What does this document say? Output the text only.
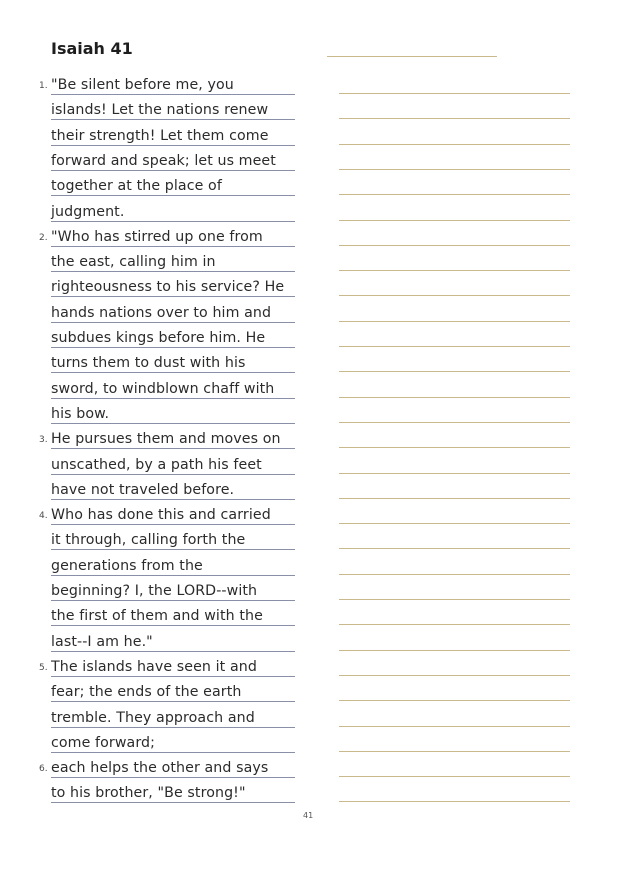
Isaiah 41
1. "Be silent before me, you
islands! Let the nations renew
their strength! Let them come
forward and speak; let us meet
together at the place of
judgment.
2. "Who has stirred up one from
the east, calling him in
righteousness to his service? He
hands nations over to him and
subdues kings before him. He
turns them to dust with his
sword, to windblown chaff with
his bow.
3. He pursues them and moves on
unscathed, by a path his feet
have not traveled before.
4. Who has done this and carried
it through, calling forth the
generations from the
beginning? I, the LORD--with
the first of them and with the
last--I am he."
5. The islands have seen it and
fear; the ends of the earth
tremble. They approach and
come forward;
6. each helps the other and says
to his brother, "Be strong!"
41
